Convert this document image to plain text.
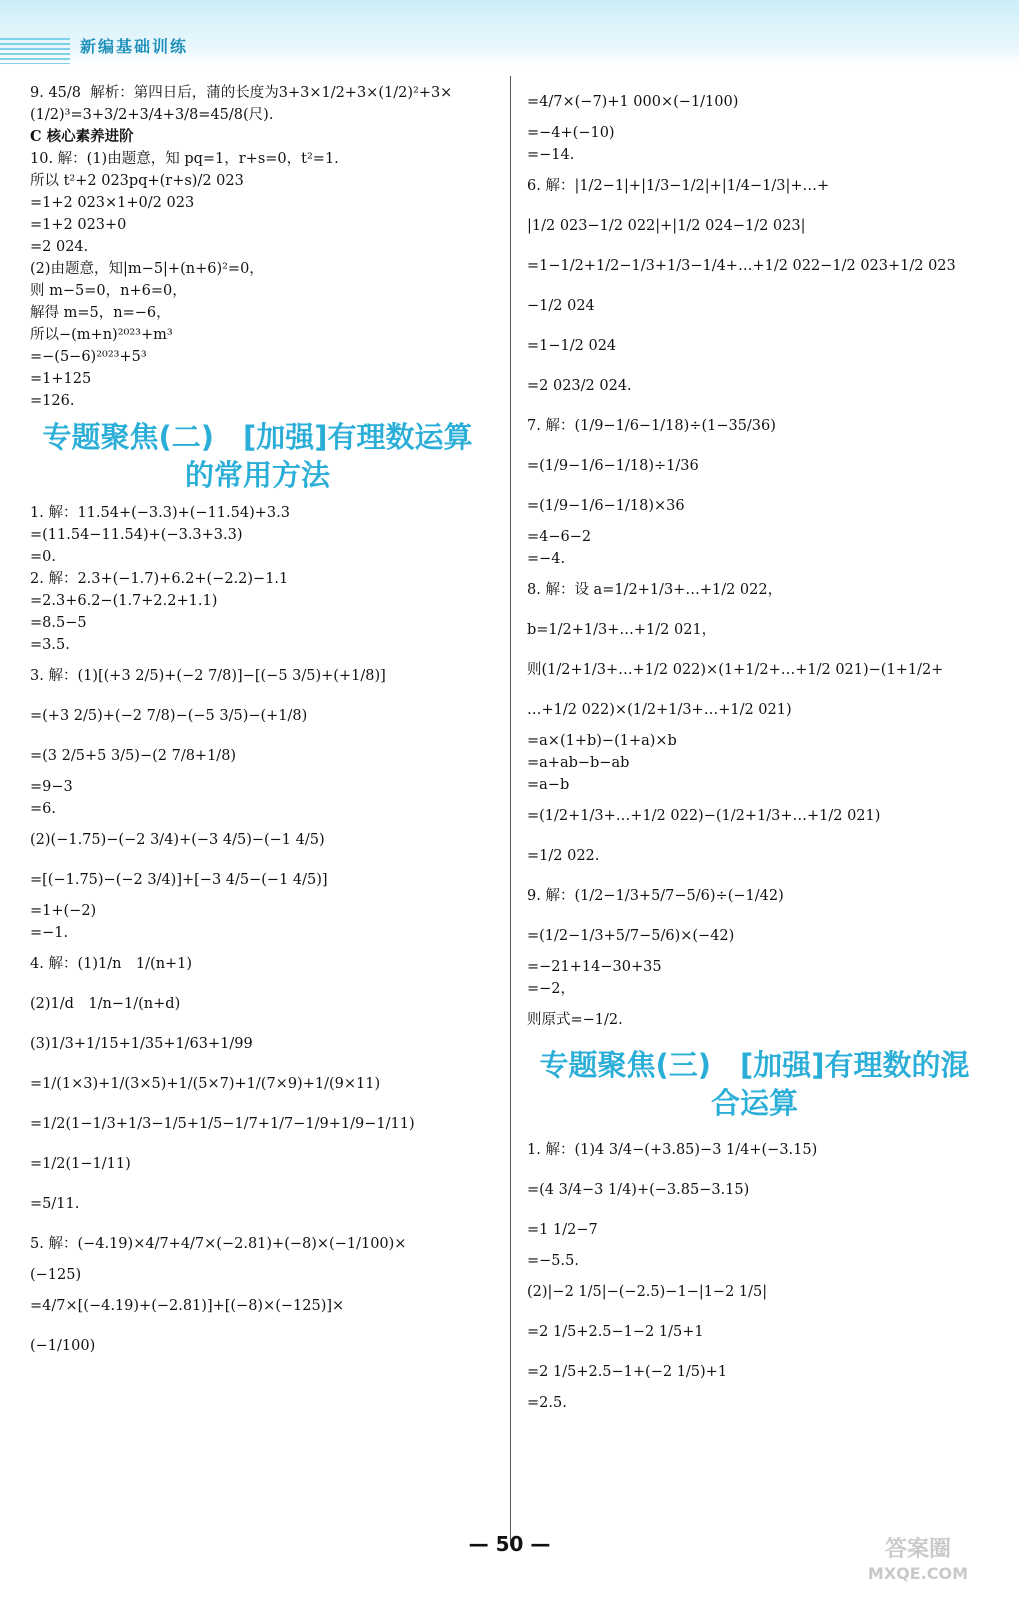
新编基础训练
9. 45/8  解析：第四日后，蒲的长度为3+3×1/2+3×(1/2)²+3×
(1/2)³=3+3/2+3/4+3/8=45/8(尺).
C 核心素养进阶
10. 解：(1)由题意，知 pq=1，r+s=0，t²=1.
所以 t²+2 023pq+(r+s)/2 023
=1+2 023×1+0/2 023
=1+2 023+0
=2 024.
(2)由题意，知|m−5|+(n+6)²=0，
则 m−5=0，n+6=0，
解得 m=5，n=−6，
所以−(m+n)²⁰²³+m³
=−(5−6)²⁰²³+5³
=1+125
=126.
专题聚焦(二)　[加强]有理数运算的常用方法
1. 解：11.54+(−3.3)+(−11.54)+3.3
=(11.54−11.54)+(−3.3+3.3)
=0.
2. 解：2.3+(−1.7)+6.2+(−2.2)−1.1
=2.3+6.2−(1.7+2.2+1.1)
=8.5−5
=3.5.
3. 解：(1)[(+3 2/5)+(−2 7/8)]−[(−5 3/5)+(+1/8)]
=(+3 2/5)+(−2 7/8)−(−5 3/5)−(+1/8)
=(3 2/5+5 3/5)−(2 7/8+1/8)
=9−3
=6.
(2)(−1.75)−(−2 3/4)+(−3 4/5)−(−1 4/5)
=[(−1.75)−(−2 3/4)]+[−3 4/5−(−1 4/5)]
=1+(−2)
=−1.
4. 解：(1)1/n　1/(n+1)
(2)1/d　1/n−1/(n+d)
(3)1/3+1/15+1/35+1/63+1/99
=1/(1×3)+1/(3×5)+1/(5×7)+1/(7×9)+1/(9×11)
=1/2(1−1/3+1/3−1/5+1/5−1/7+1/7−1/9+1/9−1/11)
=1/2(1−1/11)
=5/11.
5. 解：(−4.19)×4/7+4/7×(−2.81)+(−8)×(−1/100)×
(−125)
=4/7×[(−4.19)+(−2.81)]+[(−8)×(−125)]×
(−1/100)
=4/7×(−7)+1 000×(−1/100)
=−4+(−10)
=−14.
6. 解：|1/2−1|+|1/3−1/2|+|1/4−1/3|+…+
|1/2 023−1/2 022|+|1/2 024−1/2 023|
=1−1/2+1/2−1/3+1/3−1/4+…+1/2 022−1/2 023+1/2 023
−1/2 024
=1−1/2 024
=2 023/2 024.
7. 解：(1/9−1/6−1/18)÷(1−35/36)
=(1/9−1/6−1/18)÷1/36
=(1/9−1/6−1/18)×36
=4−6−2
=−4.
8. 解：设 a=1/2+1/3+…+1/2 022，
b=1/2+1/3+…+1/2 021，
则(1/2+1/3+…+1/2 022)×(1+1/2+…+1/2 021)−(1+1/2+
…+1/2 022)×(1/2+1/3+…+1/2 021)
=a×(1+b)−(1+a)×b
=a+ab−b−ab
=a−b
=(1/2+1/3+…+1/2 022)−(1/2+1/3+…+1/2 021)
=1/2 022.
9. 解：(1/2−1/3+5/7−5/6)÷(−1/42)
=(1/2−1/3+5/7−5/6)×(−42)
=−21+14−30+35
=−2，
则原式=−1/2.
专题聚焦(三)　[加强]有理数的混合运算
1. 解：(1)4 3/4−(+3.85)−3 1/4+(−3.15)
=(4 3/4−3 1/4)+(−3.85−3.15)
=1 1/2−7
=−5.5.
(2)|−2 1/5|−(−2.5)−1−|1−2 1/5|
=2 1/5+2.5−1−2 1/5+1
=2 1/5+2.5−1+(−2 1/5)+1
=2.5.
— 50 —	答案圈
MXQE.COM
